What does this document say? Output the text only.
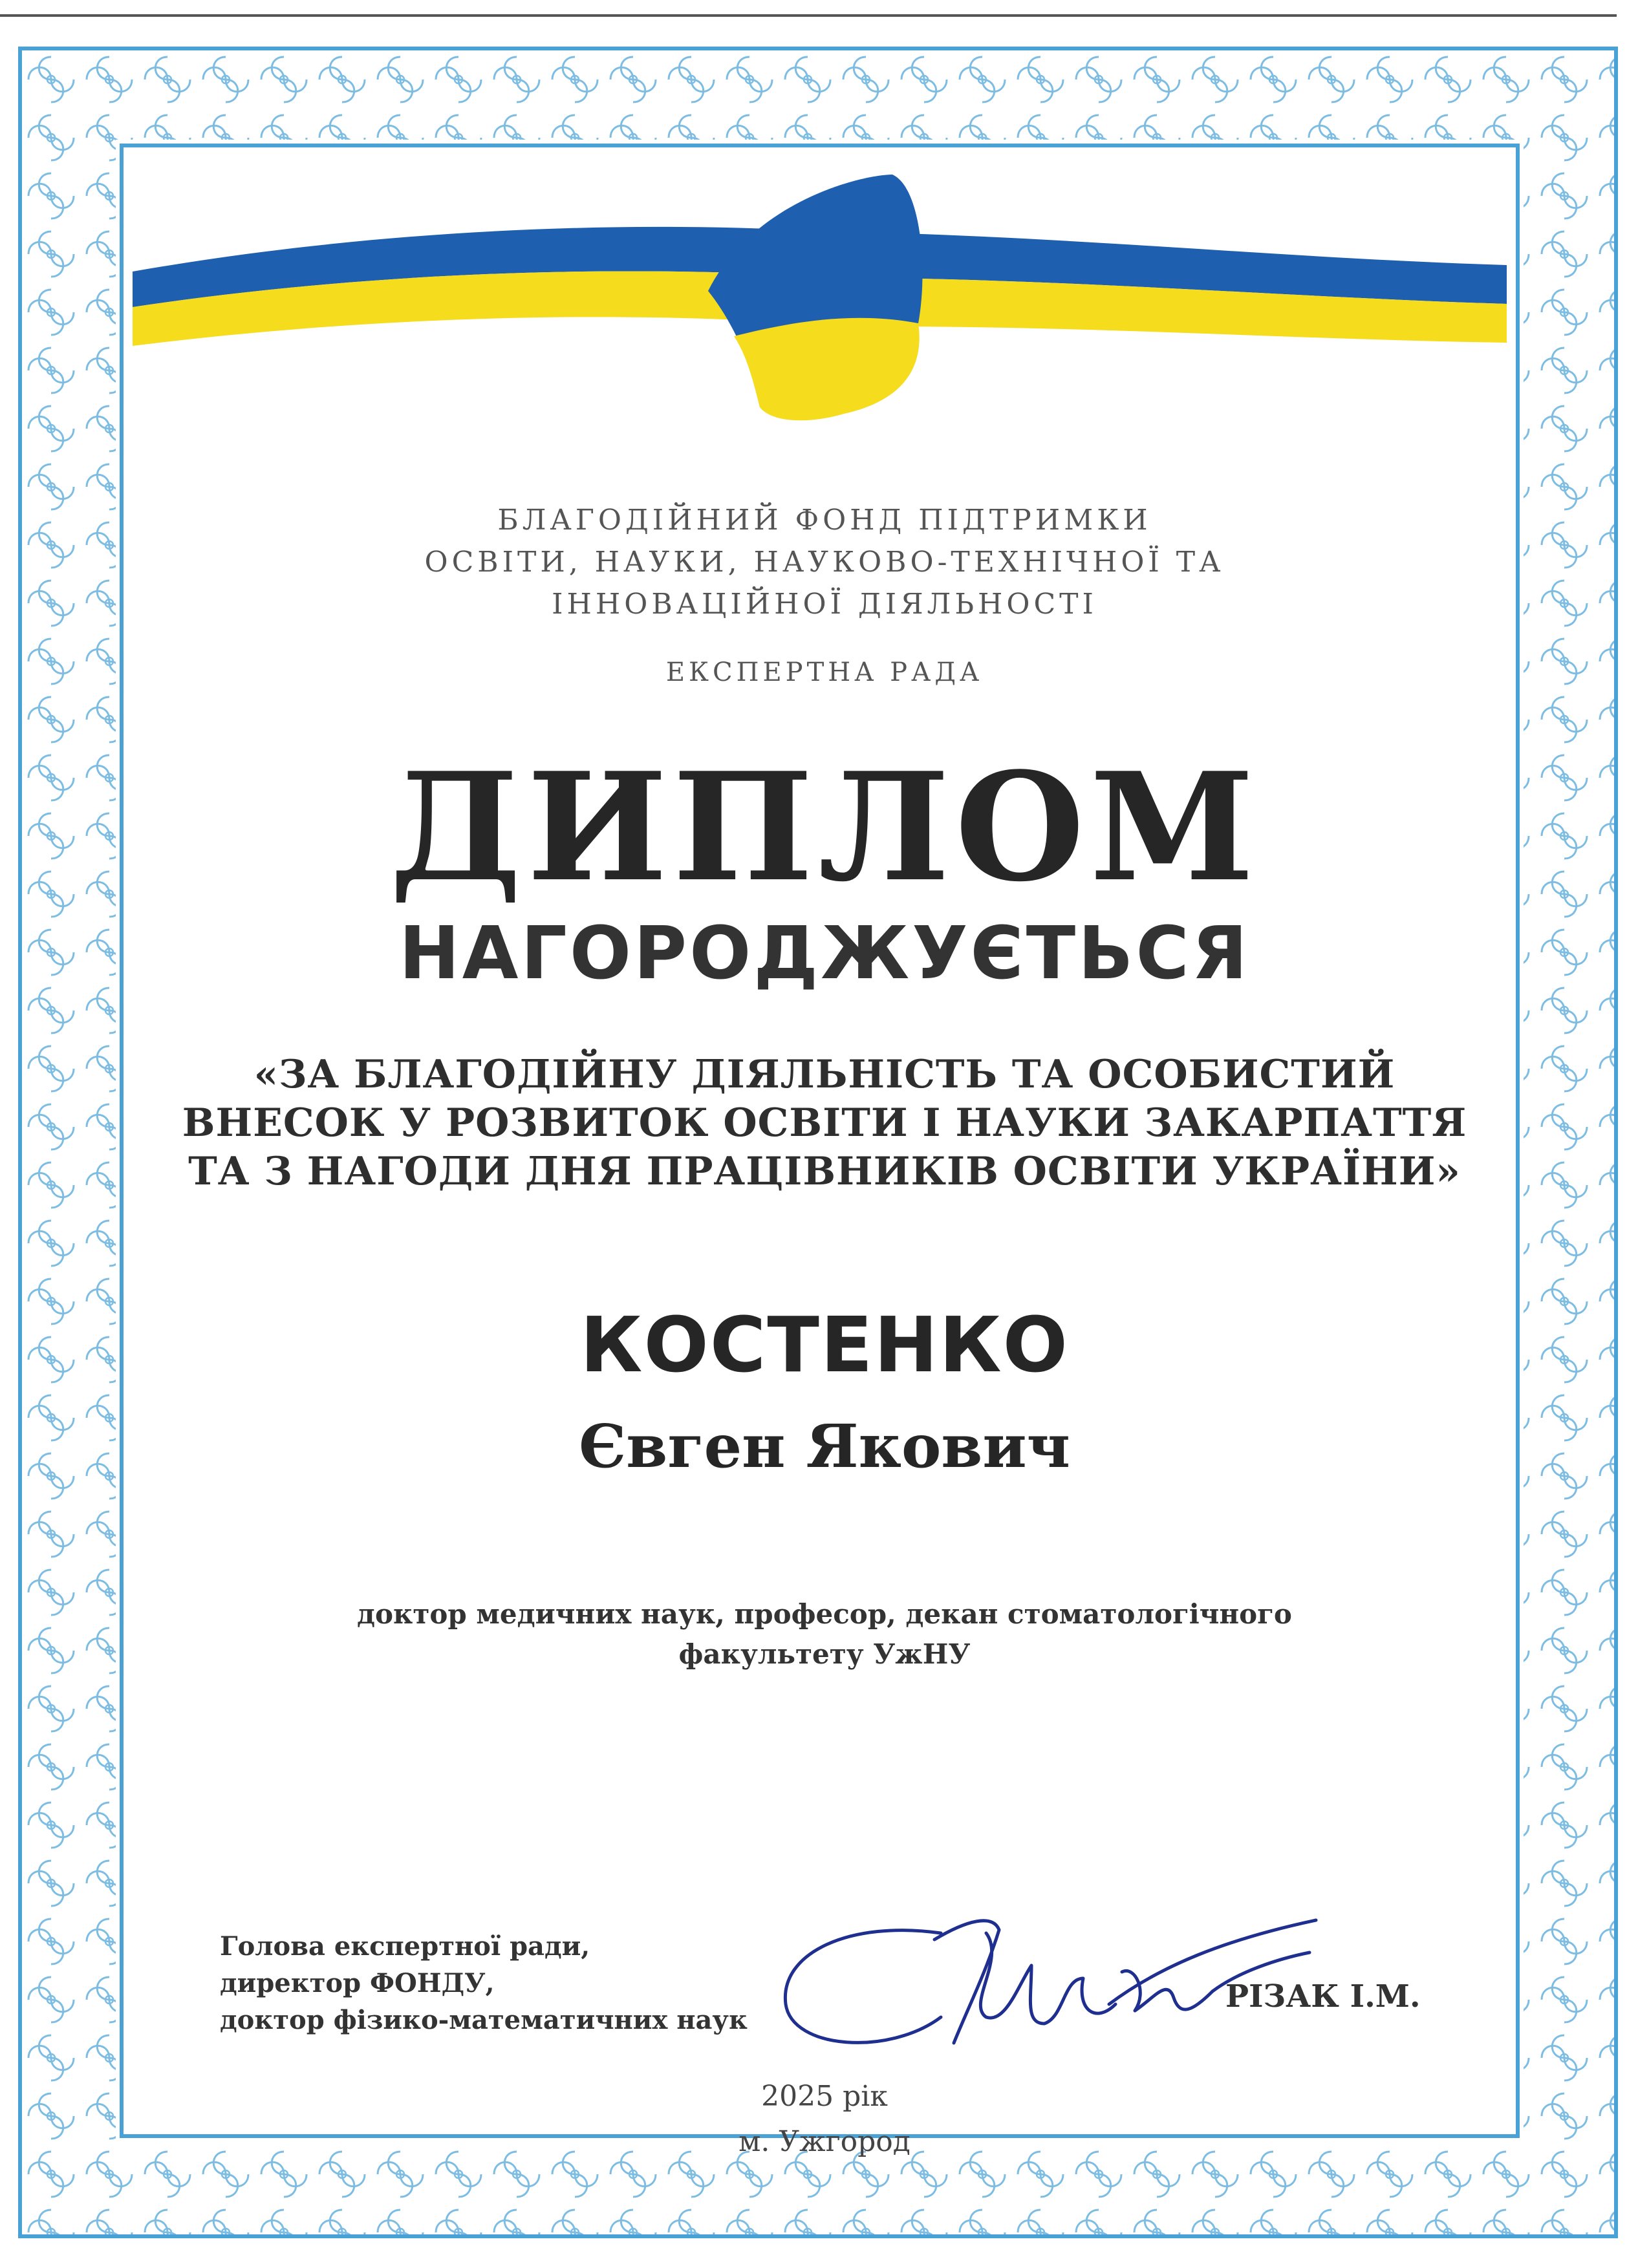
БЛАГОДІЙНИЙ ФОНД ПІДТРИМКИ
ОСВІТИ, НАУКИ, НАУКОВО-ТЕХНІЧНОЇ ТА
ІННОВАЦІЙНОЇ ДІЯЛЬНОСТІ
ЕКСПЕРТНА РАДА
ДИПЛОМ
НАГОРОДЖУЄТЬСЯ
«ЗА БЛАГОДІЙНУ ДІЯЛЬНІСТЬ ТА ОСОБИСТИЙ
ВНЕСОК У РОЗВИТОК ОСВІТИ І НАУКИ ЗАКАРПАТТЯ
ТА З НАГОДИ ДНЯ ПРАЦІВНИКІВ ОСВІТИ УКРАЇНИ»
КОСТЕНКО
Євген Якович
доктор медичних наук, професор, декан стоматологічного
факультету УжНУ
Голова експертної ради,
директор ФОНДУ,
доктор фізико-математичних наук
РІЗАК І.М.
2025 рік
м. Ужгород
